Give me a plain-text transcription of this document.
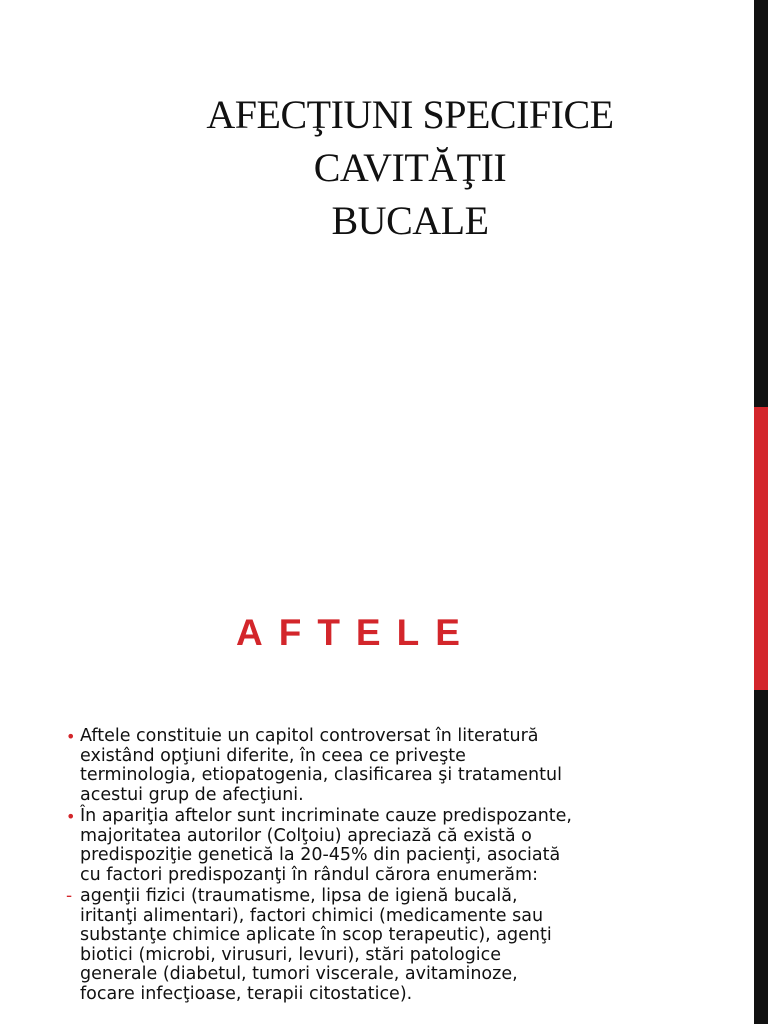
AFECŢIUNI SPECIFICE
CAVITĂŢII
BUCALE
AFTELE
• Aftele constituie un capitol controversat în literatură
existând opţiuni diferite, în ceea ce priveşte
terminologia, etiopatogenia, clasificarea şi tratamentul
acestui grup de afecţiuni.
• În apariţia aftelor sunt incriminate cauze predispozante,
majoritatea autorilor (Colţoiu) apreciază că există o
predispoziţie genetică la 20-45% din pacienţi, asociată
cu factori predispozanţi în rândul cărora enumerăm:
- agenţii fizici (traumatisme, lipsa de igienă bucală,
iritanţi alimentari), factori chimici (medicamente sau
substanţe chimice aplicate în scop terapeutic), agenţi
biotici (microbi, virusuri, levuri), stări patologice
generale (diabetul, tumori viscerale, avitaminoze,
focare infecţioase, terapii citostatice).
